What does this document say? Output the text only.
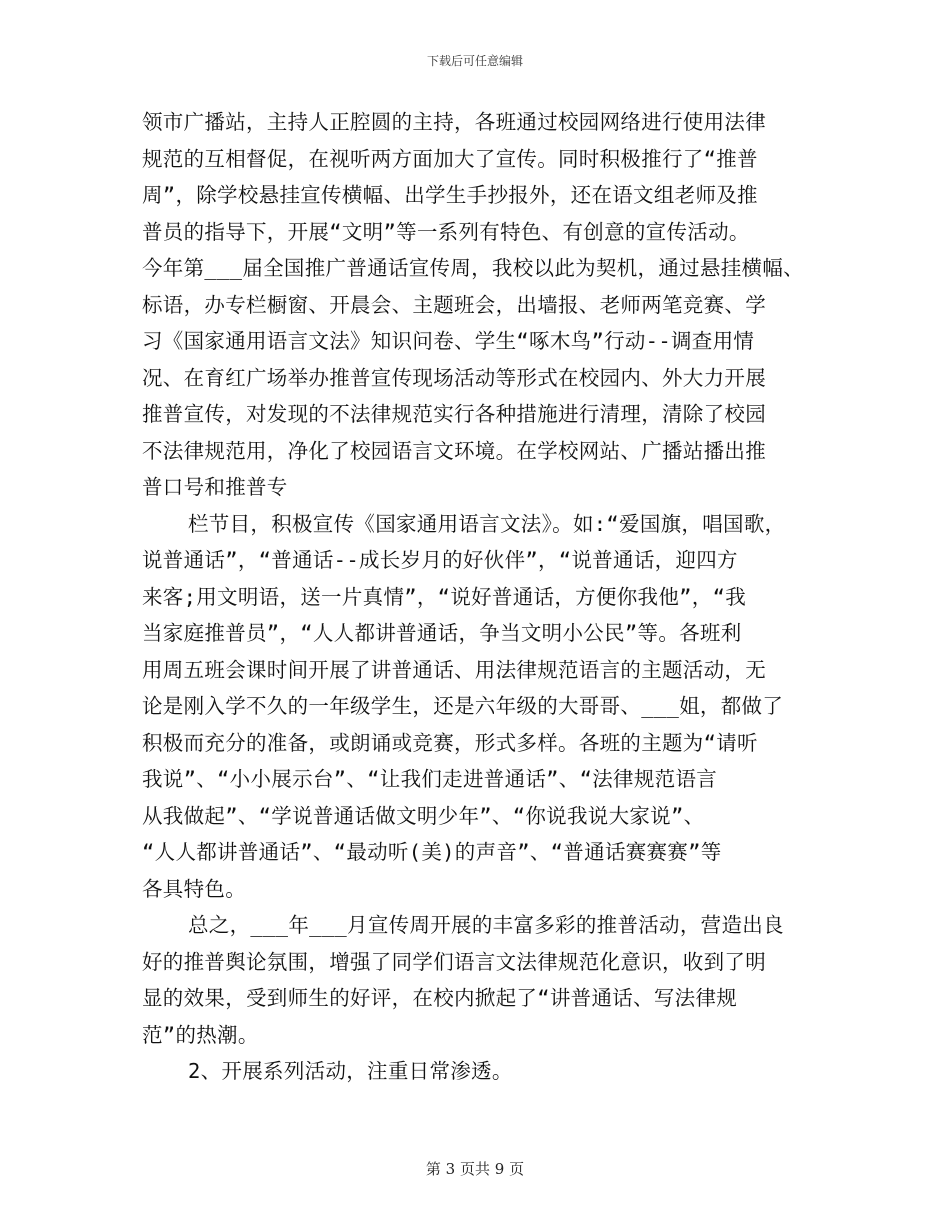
下载后可任意编辑
领市广播站，主持人正腔圆的主持，各班通过校园网络进行使用法律
规范的互相督促，在视听两方面加大了宣传。同时积极推行了“推普
周”，除学校悬挂宣传横幅、出学生手抄报外，还在语文组老师及推
普员的指导下，开展“文明”等一系列有特色、有创意的宣传活动。
今年第___届全国推广普通话宣传周，我校以此为契机，通过悬挂横幅、
标语，办专栏橱窗、开晨会、主题班会，出墙报、老师两笔竞赛、学
习《国家通用语言文法》知识问卷、学生“啄木鸟”行动--调查用情
况、在育红广场举办推普宣传现场活动等形式在校园内、外大力开展
推普宣传，对发现的不法律规范实行各种措施进行清理，清除了校园
不法律规范用，净化了校园语言文环境。在学校网站、广播站播出推
普口号和推普专
栏节目，积极宣传《国家通用语言文法》。如:“爱国旗，唱国歌，
说普通话”，“普通话--成长岁月的好伙伴”，“说普通话，迎四方
来客;用文明语，送一片真情”，“说好普通话，方便你我他”，“我
当家庭推普员”，“人人都讲普通话，争当文明小公民”等。各班利
用周五班会课时间开展了讲普通话、用法律规范语言的主题活动，无
论是刚入学不久的一年级学生，还是六年级的大哥哥、___姐，都做了
积极而充分的准备，或朗诵或竞赛，形式多样。各班的主题为“请听
我说”、“小小展示台”、“让我们走进普通话”、“法律规范语言
从我做起”、“学说普通话做文明少年”、“你说我说大家说”、
“人人都讲普通话”、“最动听(美)的声音”、“普通话赛赛赛”等
各具特色。
总之，___年___月宣传周开展的丰富多彩的推普活动，营造出良
好的推普舆论氛围，增强了同学们语言文法律规范化意识，收到了明
显的效果，受到师生的好评，在校内掀起了“讲普通话、写法律规
范”的热潮。
2、开展系列活动，注重日常渗透。
第 3 页共 9 页
